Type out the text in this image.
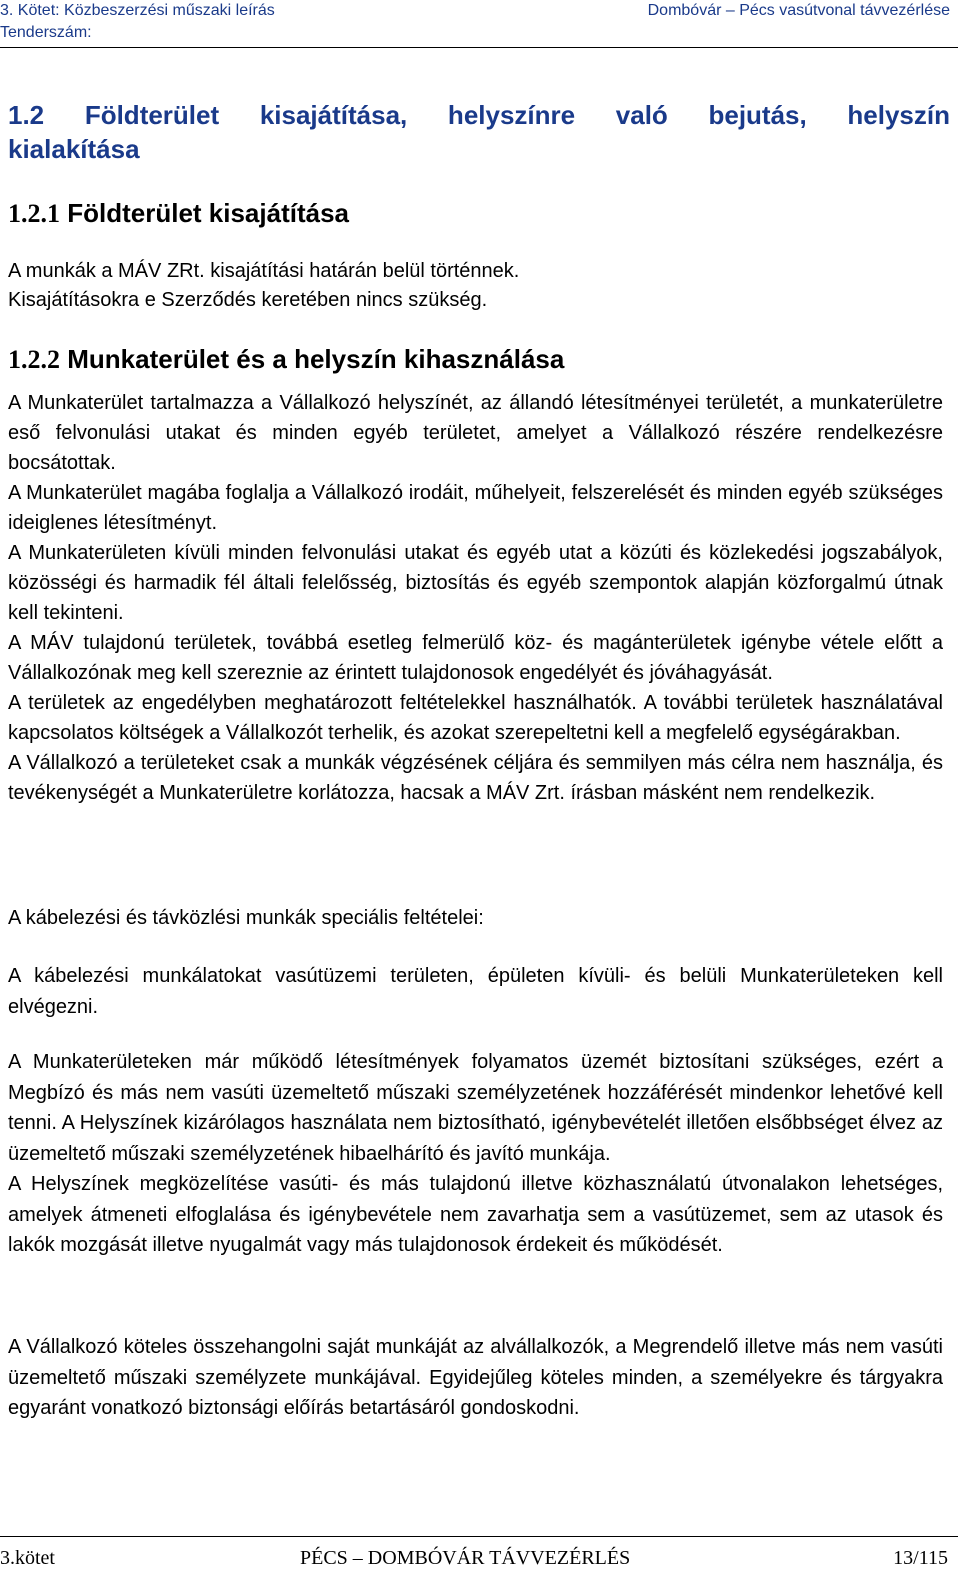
3. Kötet: Közbeszerzési műszaki leírás	Dombóvár – Pécs vasútvonal távvezérlése
Tenderszám:
1.2 Földterület kisajátítása, helyszínre való bejutás, helyszín
kialakítása
1.2.1 Földterület kisajátítása

A munkák a MÁV ZRt. kisajátítási határán belül történnek.

Kisajátításokra e Szerződés keretében nincs szükség.

1.2.2 Munkaterület és a helyszín kihasználása

A Munkaterület tartalmazza a Vállalkozó helyszínét, az állandó létesítményei területét, a munkaterületre eső felvonulási utakat és minden egyéb területet, amelyet a Vállalkozó részére rendelkezésre bocsátottak.

A Munkaterület magába foglalja a Vállalkozó irodáit, műhelyeit, felszerelését és minden egyéb szükséges ideiglenes létesítményt.

A Munkaterületen kívüli minden felvonulási utakat és egyéb utat a közúti és közlekedési jogszabályok, közösségi és harmadik fél általi felelősség, biztosítás és egyéb szempontok alapján közforgalmú útnak kell tekinteni.

A MÁV tulajdonú területek, továbbá esetleg felmerülő köz- és magánterületek igénybe vétele előtt a Vállalkozónak meg kell szereznie az érintett tulajdonosok engedélyét és jóváhagyását.

A területek az engedélyben meghatározott feltételekkel használhatók. A további területek használatával kapcsolatos költségek a Vállalkozót terhelik, és azokat szerepeltetni kell a megfelelő egységárakban.

A Vállalkozó a területeket csak a munkák végzésének céljára és semmilyen más célra nem használja, és tevékenységét a Munkaterületre korlátozza, hacsak a MÁV Zrt. írásban másként nem rendelkezik.

A kábelezési és távközlési munkák speciális feltételei:

A kábelezési munkálatokat vasútüzemi területen, épületen kívüli- és belüli Munkaterületeken kell elvégezni.

A Munkaterületeken már működő létesítmények folyamatos üzemét biztosítani szükséges, ezért a Megbízó és más nem vasúti üzemeltető műszaki személyzetének hozzáférését mindenkor lehetővé kell tenni. A Helyszínek kizárólagos használata nem biztosítható, igénybevételét illetően elsőbbséget élvez az üzemeltető műszaki személyzetének hibaelhárító és javító munkája.

A Helyszínek megközelítése vasúti- és más tulajdonú illetve közhasználatú útvonalakon lehetséges, amelyek átmeneti elfoglalása és igénybevétele nem zavarhatja sem a vasútüzemet, sem az utasok és lakók mozgását illetve nyugalmát vagy más tulajdonosok érdekeit és működését.

A Vállalkozó köteles összehangolni saját munkáját az alvállalkozók, a Megrendelő illetve más nem vasúti üzemeltető műszaki személyzete munkájával. Egyidejűleg köteles minden, a személyekre és tárgyakra egyaránt vonatkozó biztonsági előírás betartásáról gondoskodni.

3.kötet	PÉCS – DOMBÓVÁR TÁVVEZÉRLÉS	13/115
